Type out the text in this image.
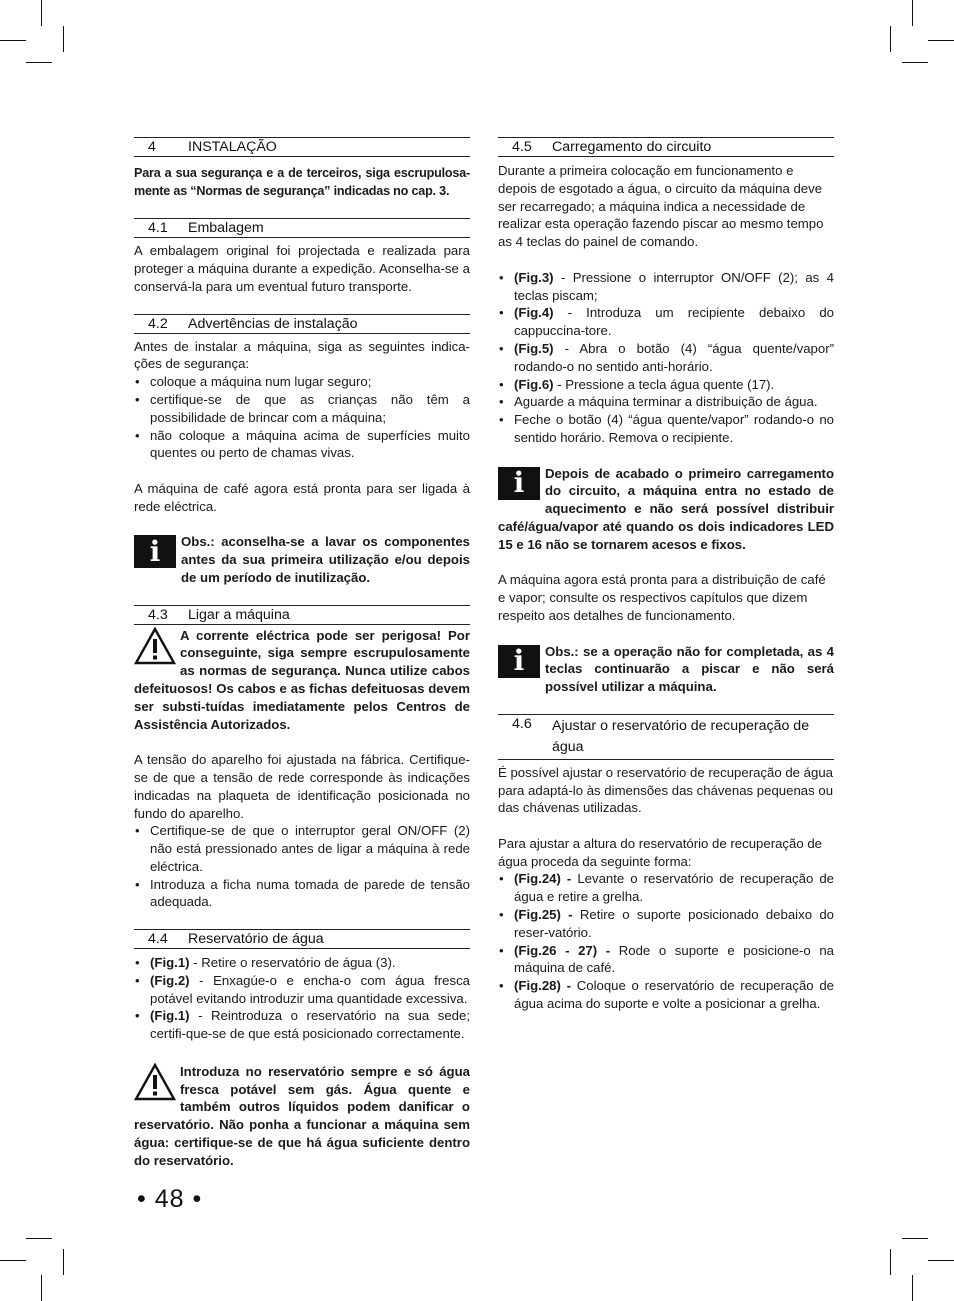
4	INSTALAÇÃO

Para a sua segurança e a de terceiros, siga escrupulosa-mente as “Normas de segurança” indicadas no cap. 3.

4.1	Embalagem

A embalagem original foi projectada e realizada para proteger a máquina durante a expedição. Aconselha-se a conservá-la para um eventual futuro transporte.

4.2	Advertências de instalação

Antes de instalar a máquina, siga as seguintes indica-ções de segurança:

• coloque a máquina num lugar seguro;
• certifique-se de que as crianças não têm a possibilidade de brincar com a máquina;
• não coloque a máquina acima de superfícies muito quentes ou perto de chamas vivas.

A máquina de café agora está pronta para ser ligada à rede eléctrica.

i	Obs.: aconselha-se a lavar os componentes antes da sua primeira utilização e/ou depois de um período de inutilização.
4.3	Ligar a máquina
A corrente eléctrica pode ser perigosa! Por conseguinte, siga sempre escrupulosamente as normas de segurança. Nunca utilize cabos defeituosos! Os cabos e as fichas defeituosas devem ser substi-tuídas imediatamente pelos Centros de Assistência Autorizados.

A tensão do aparelho foi ajustada na fábrica. Certifique-se de que a tensão de rede corresponde às indicações indicadas na plaqueta de identificação posicionada no fundo do aparelho.

• Certifique-se de que o interruptor geral ON/OFF (2) não está pressionado antes de ligar a máquina à rede eléctrica.
• Introduza a ficha numa tomada de parede de tensão adequada.
4.4	Reservatório de água
• (Fig.1) - Retire o reservatório de água (3).
• (Fig.2) - Enxagúe-o e encha-o com água fresca potável evitando introduzir uma quantidade excessiva.
• (Fig.1) - Reintroduza o reservatório na sua sede; certifi-que-se de que está posicionado correctamente.
Introduza no reservatório sempre e só água fresca potável sem gás. Água quente e também outros líquidos podem danificar o reservatório. Não ponha a funcionar a máquina sem água: certifique-se de que há água suficiente dentro do reservatório.
4.5	Carregamento do circuito

Durante a primeira colocação em funcionamento e depois de esgotado a água, o circuito da máquina deve ser recarregado; a máquina indica a necessidade de realizar esta operação fazendo piscar ao mesmo tempo as 4 teclas do painel de comando.

• (Fig.3) - Pressione o interruptor ON/OFF (2); as 4 teclas piscam;
• (Fig.4) - Introduza um recipiente debaixo do cappuccina-tore.
• (Fig.5) - Abra o botão (4) “água quente/vapor” rodando-o no sentido anti-horário.
• (Fig.6) - Pressione a tecla água quente (17).
• Aguarde a máquina terminar a distribuição de água.
• Feche o botão (4) “água quente/vapor” rodando-o no sentido horário. Remova o recipiente.
i	Depois de acabado o primeiro carregamento do circuito, a máquina entra no estado de aquecimento e não será possível distribuir café/água/vapor até quando os dois indicadores LED 15 e 16 não se tornarem acesos e fixos.

A máquina agora está pronta para a distribuição de café e vapor; consulte os respectivos capítulos que dizem respeito aos detalhes de funcionamento.

i	Obs.: se a operação não for completada, as 4 teclas continuarão a piscar e não será possível utilizar a máquina.
4.6	Ajustar o reservatório de recuperação de água

É possível ajustar o reservatório de recuperação de água para adaptá-lo às dimensões das chávenas pequenas ou das chávenas utilizadas.

Para ajustar a altura do reservatório de recuperação de água proceda da seguinte forma:

• (Fig.24) - Levante o reservatório de recuperação de água e retire a grelha.
• (Fig.25) - Retire o suporte posicionado debaixo do reser-vatório.
• (Fig.26 - 27) - Rode o suporte e posicione-o na máquina de café.
• (Fig.28) - Coloque o reservatório de recuperação de água acima do suporte e volte a posicionar a grelha.
• 48 •
